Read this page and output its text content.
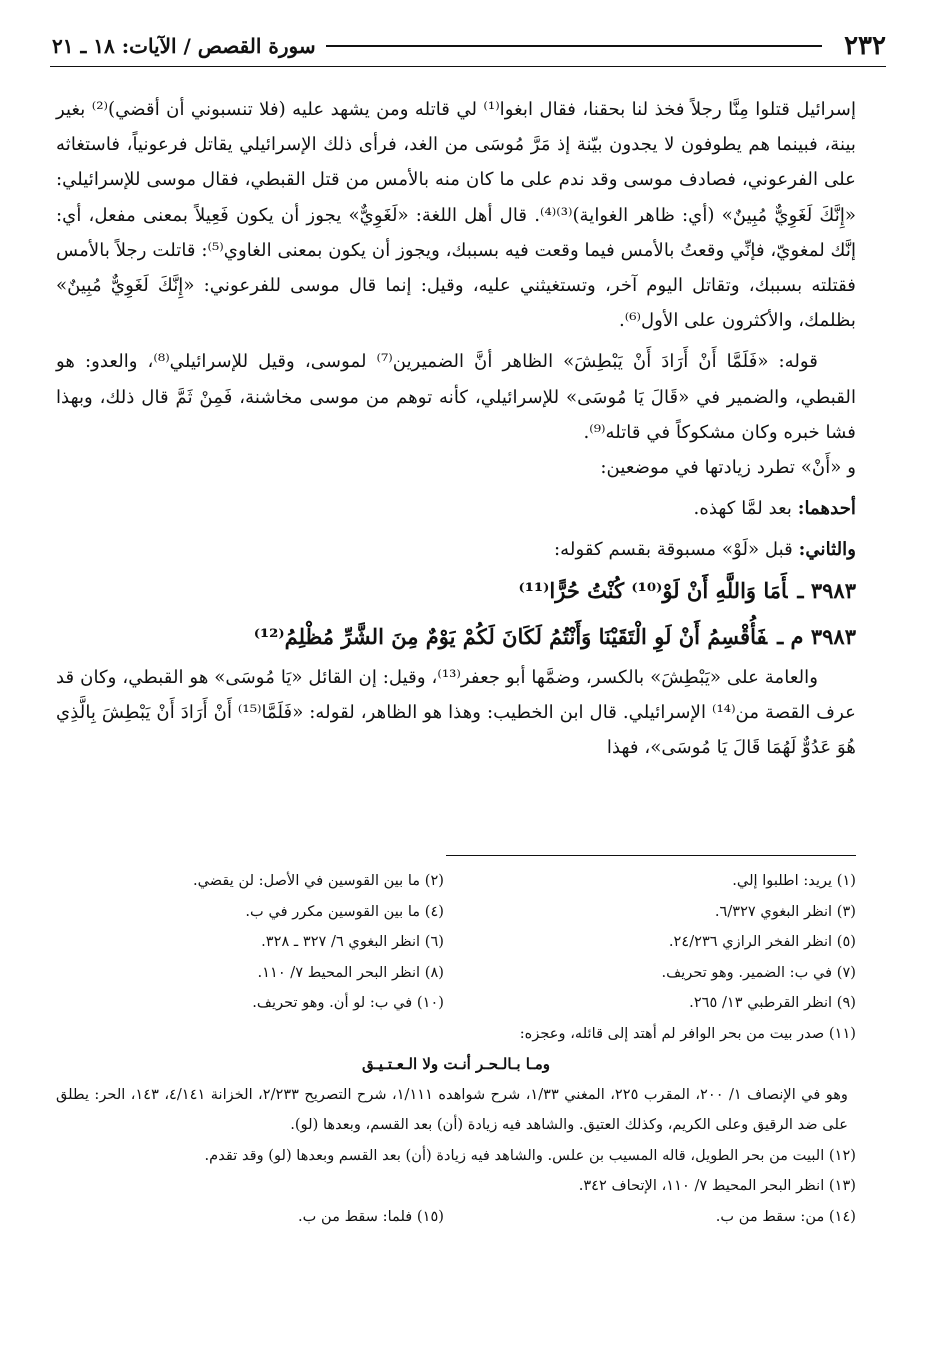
٢٣٢
سورة القصص / الآيات: ١٨ ـ ٢١

إسرائيل قتلوا مِنَّا رجلاً فخذ لنا بحقنا، فقال ابغوا⁽¹⁾ لي قاتله ومن يشهد عليه (فلا تنسبوني أن أقضي)⁽²⁾ بغير بينة، فبينما هم يطوفون لا يجدون بيّنة إذ مَرَّ مُوسَى من الغد، فرأى ذلك الإسرائيلي يقاتل فرعونياً، فاستغاثه على الفرعوني، فصادف موسى وقد ندم على ما كان منه بالأمس من قتل القبطي، فقال موسى للإسرائيلي: «إِنَّكَ لَغَوِيٌّ مُبِينٌ» (أي: ظاهر الغواية)⁽³⁾⁽⁴⁾. قال أهل اللغة: «لَغَوِيٌّ» يجوز أن يكون فَعِيلاً بمعنى مفعل، أي: إنَّك لمغويّ، فإنِّي وقعتُ بالأمس فيما وقعت فيه بسببك، ويجوز أن يكون بمعنى الغاوي⁽⁵⁾: قاتلت رجلاً بالأمس فقتلته بسببك، وتقاتل اليوم آخر، وتستغيثني عليه، وقيل: إنما قال موسى للفرعوني: «إِنَّكَ لَغَوِيٌّ مُبِينٌ» بظلمك، والأكثرون على الأول⁽⁶⁾.

قوله: «فَلَمَّا أَنْ أَرَادَ أَنْ يَبْطِشَ» الظاهر أنَّ الضميرين⁽⁷⁾ لموسى، وقيل للإسرائيلي⁽⁸⁾، والعدو: هو القبطي، والضمير في «قَالَ يَا مُوسَى» للإسرائيلي، كأنه توهم من موسى مخاشنة، فَمِنْ ثَمَّ قال ذلك، وبهذا فشا خبره وكان مشكوكاً في قاتله⁽⁹⁾.

و «أَنْ» تطرد زيادتها في موضعين:

أحدهما: بعد لمَّا كهذه.

والثاني: قبل «لَوْ» مسبوقة بقسم كقوله:

٣٩٨٣ ـأَمَا وَاللَّهِ أَنْ لَوْ⁽¹⁰⁾ كُنْتُ حُرًّا⁽¹¹⁾

٣٩٨٣ م ـفَأُقْسِمُ أَنْ لَوِ الْتَقَيْنَا وَأَنْتُمُ لَكَانَ لَكُمْ يَوْمٌ مِنَ الشَّرِّ مُظْلِمُ⁽¹²⁾

والعامة على «يَبْطِشَ» بالكسر، وضمَّها أبو جعفر⁽¹³⁾، وقيل: إن القائل «يَا مُوسَى» هو القبطي، وكان قد عرف القصة من⁽¹⁴⁾ الإسرائيلي. قال ابن الخطيب: وهذا هو الظاهر، لقوله: «فَلَمَّا⁽¹⁵⁾ أَنْ أَرَادَ أَنْ يَبْطِشَ بِالَّذِي هُوَ عَدُوٌّ لَهُمَا قَالَ يَا مُوسَى»، فهذا

(١) يريد: اطلبوا إلي.
(٢) ما بين القوسين في الأصل: لن يقضي.
(٣) انظر البغوي ٦/٣٢٧.
(٤) ما بين القوسين مكرر في ب.
(٥) انظر الفخر الرازي ٢٤/٢٣٦.
(٦) انظر البغوي ٦/ ٣٢٧ ـ ٣٢٨.
(٧) في ب: الضمير. وهو تحريف.
(٨) انظر البحر المحيط ٧/ ١١٠.
(٩) انظر القرطبي ١٣/ ٢٦٥.
(١٠) في ب: لو أن. وهو تحريف.
(١١) صدر بيت من بحر الوافر لم أهتد إلى قائله، وعجزه:
ومـا بـالـحـر أنـت ولا الـعـتـيـق
وهو في الإنصاف ١/ ٢٠٠، المقرب ٢٢٥، المغني ١/٣٣، شرح شواهده ١/١١١، شرح التصريح ٢/٢٣٣، الخزانة ٤/١٤١، ١٤٣، الحر: يطلق على ضد الرقيق وعلى الكريم، وكذلك العتيق. والشاهد فيه زيادة (أن) بعد القسم، وبعدها (لو).
(١٢) البيت من بحر الطويل، قاله المسيب بن علس. والشاهد فيه زيادة (أن) بعد القسم وبعدها (لو) وقد تقدم.
(١٣) انظر البحر المحيط ٧/ ١١٠، الإتحاف ٣٤٢.
(١٤) من: سقط من ب.
(١٥) فلما: سقط من ب.
